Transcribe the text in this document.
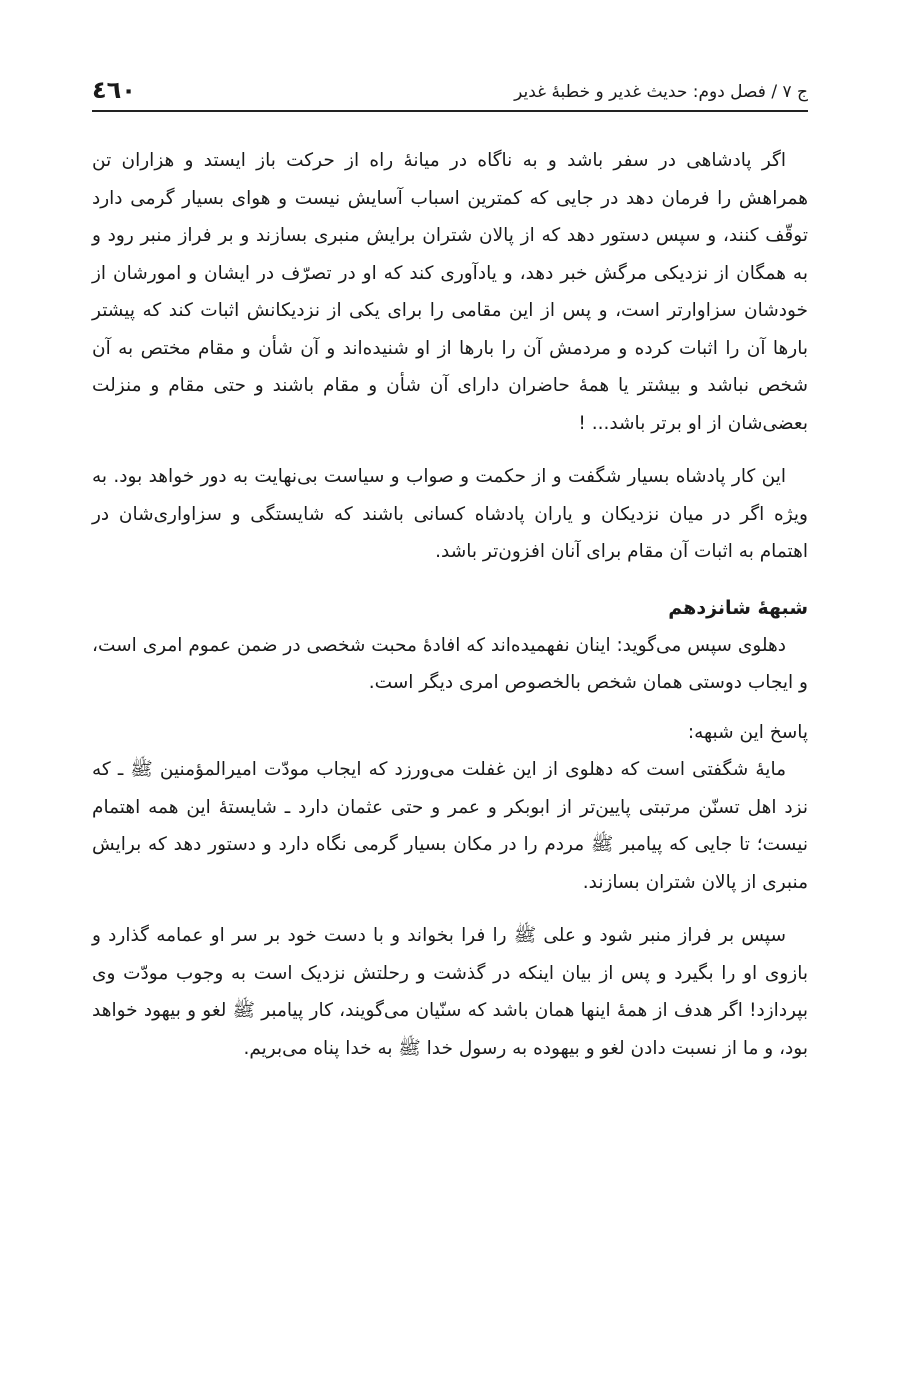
ج ۷ / فصل دوم: حدیث غدیر و خطبهٔ غدیر
٤٦٠

اگر پادشاهی در سفر باشد و به ناگاه در میانهٔ راه از حرکت باز ایستد و هزاران تن همراهش را فرمان دهد در جایی که کمترین اسباب آسایش نیست و هوای بسیار گرمی دارد توقّف کنند، و سپس دستور دهد که از پالان شتران برایش منبری بسازند و بر فراز منبر رود و به همگان از نزدیکی مرگش خبر دهد، و یادآوری کند که او در تصرّف در ایشان و امورشان از خودشان سزاوارتر است، و پس از این مقامی را برای یکی از نزدیکانش اثبات کند که پیشتر بارها آن را اثبات کرده و مردمش آن را بارها از او شنیده‌اند و آن شأن و مقام مختص به آن شخص نباشد و بیشتر یا همهٔ حاضران دارای آن شأن و مقام باشند و حتی مقام و منزلت بعضی‌شان از او برتر باشد... !

این کار پادشاه بسیار شگفت و از حکمت و صواب و سیاست بی‌نهایت به دور خواهد بود. به ویژه اگر در میان نزدیکان و یاران پادشاه کسانی باشند که شایستگی و سزاواری‌شان در اهتمام به اثبات آن مقام برای آنان افزون‌تر باشد.

شبههٔ شانزدهم

دهلوی سپس می‌گوید: اینان نفهمیده‌اند که افادهٔ محبت شخصی در ضمن عموم امری است، و ایجاب دوستی همان شخص بالخصوص امری دیگر است.

پاسخ این شبهه:

مایهٔ شگفتی است که دهلوی از این غفلت می‌ورزد که ایجاب مودّت امیرالمؤمنین ﷺ ـ که نزد اهل تسنّن مرتبتی پایین‌تر از ابوبکر و عمر و حتی عثمان دارد ـ شایستهٔ این همه اهتمام نیست؛ تا جایی که پیامبر ﷺ مردم را در مکان بسیار گرمی نگاه دارد و دستور دهد که برایش منبری از پالان شتران بسازند.

سپس بر فراز منبر شود و علی ﷺ را فرا بخواند و با دست خود بر سر او عمامه گذارد و بازوی او را بگیرد و پس از بیان اینکه در گذشت و رحلتش نزدیک است به وجوب مودّت وی بپردازد! اگر هدف از همهٔ اینها همان باشد که سنّیان می‌گویند، کار پیامبر ﷺ لغو و بیهود خواهد بود، و ما از نسبت دادن لغو و بیهوده به رسول خدا ﷺ به خدا پناه می‌بریم.
